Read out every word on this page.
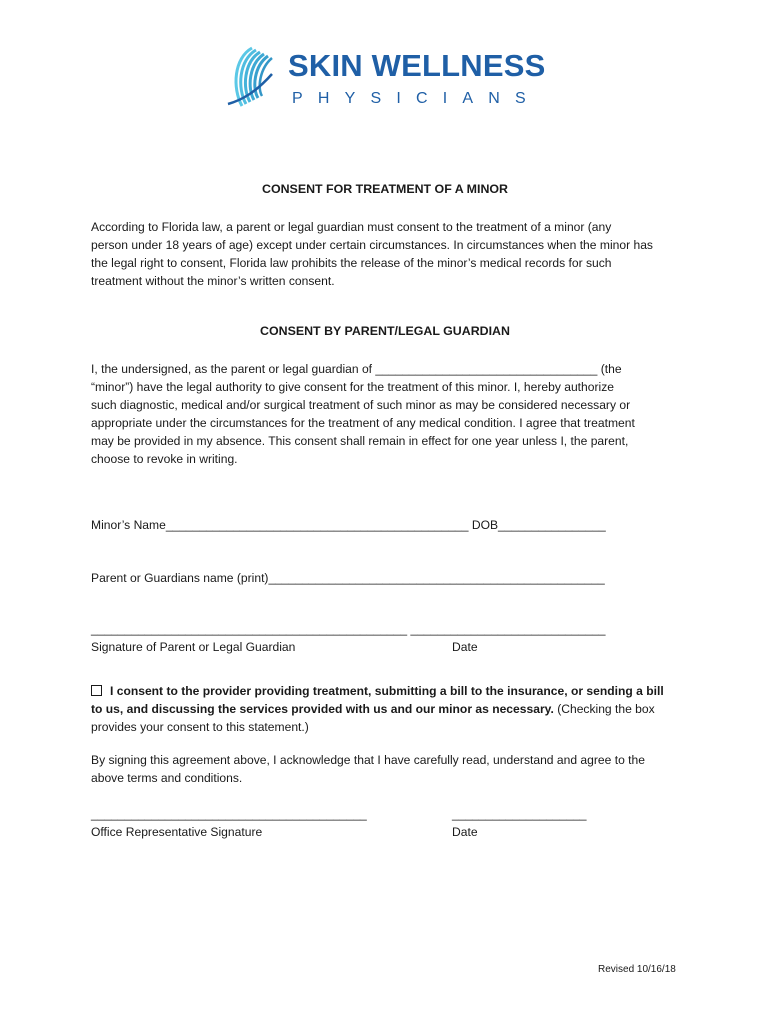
SKIN WELLNESS
PHYSICIANS
CONSENT FOR TREATMENT OF A MINOR
According to Florida law, a parent or legal guardian must consent to the treatment of a minor (any
person under 18 years of age) except under certain circumstances. In circumstances when the minor has
the legal right to consent, Florida law prohibits the release of the minor’s medical records for such
treatment without the minor’s written consent.
CONSENT BY PARENT/LEGAL GUARDIAN
I, the undersigned, as the parent or legal guardian of _________________________________ (the
“minor”) have the legal authority to give consent for the treatment of this minor. I, hereby authorize
such diagnostic, medical and/or surgical treatment of such minor as may be considered necessary or
appropriate under the circumstances for the treatment of any medical condition. I agree that treatment
may be provided in my absence. This consent shall remain in effect for one year unless I, the parent,
choose to revoke in writing.
Minor’s Name_____________________________________________ DOB________________
Parent or Guardians name (print)__________________________________________________
_______________________________________________ _____________________________
Signature of Parent or Legal Guardian	Date
I consent to the provider providing treatment, submitting a bill to the insurance, or sending a bill
to us, and discussing the services provided with us and our minor as necessary. (Checking the box
provides your consent to this statement.)
By signing this agreement above, I acknowledge that I have carefully read, understand and agree to the
above terms and conditions.
_________________________________________	____________________
Office Representative Signature	Date
Revised 10/16/18
